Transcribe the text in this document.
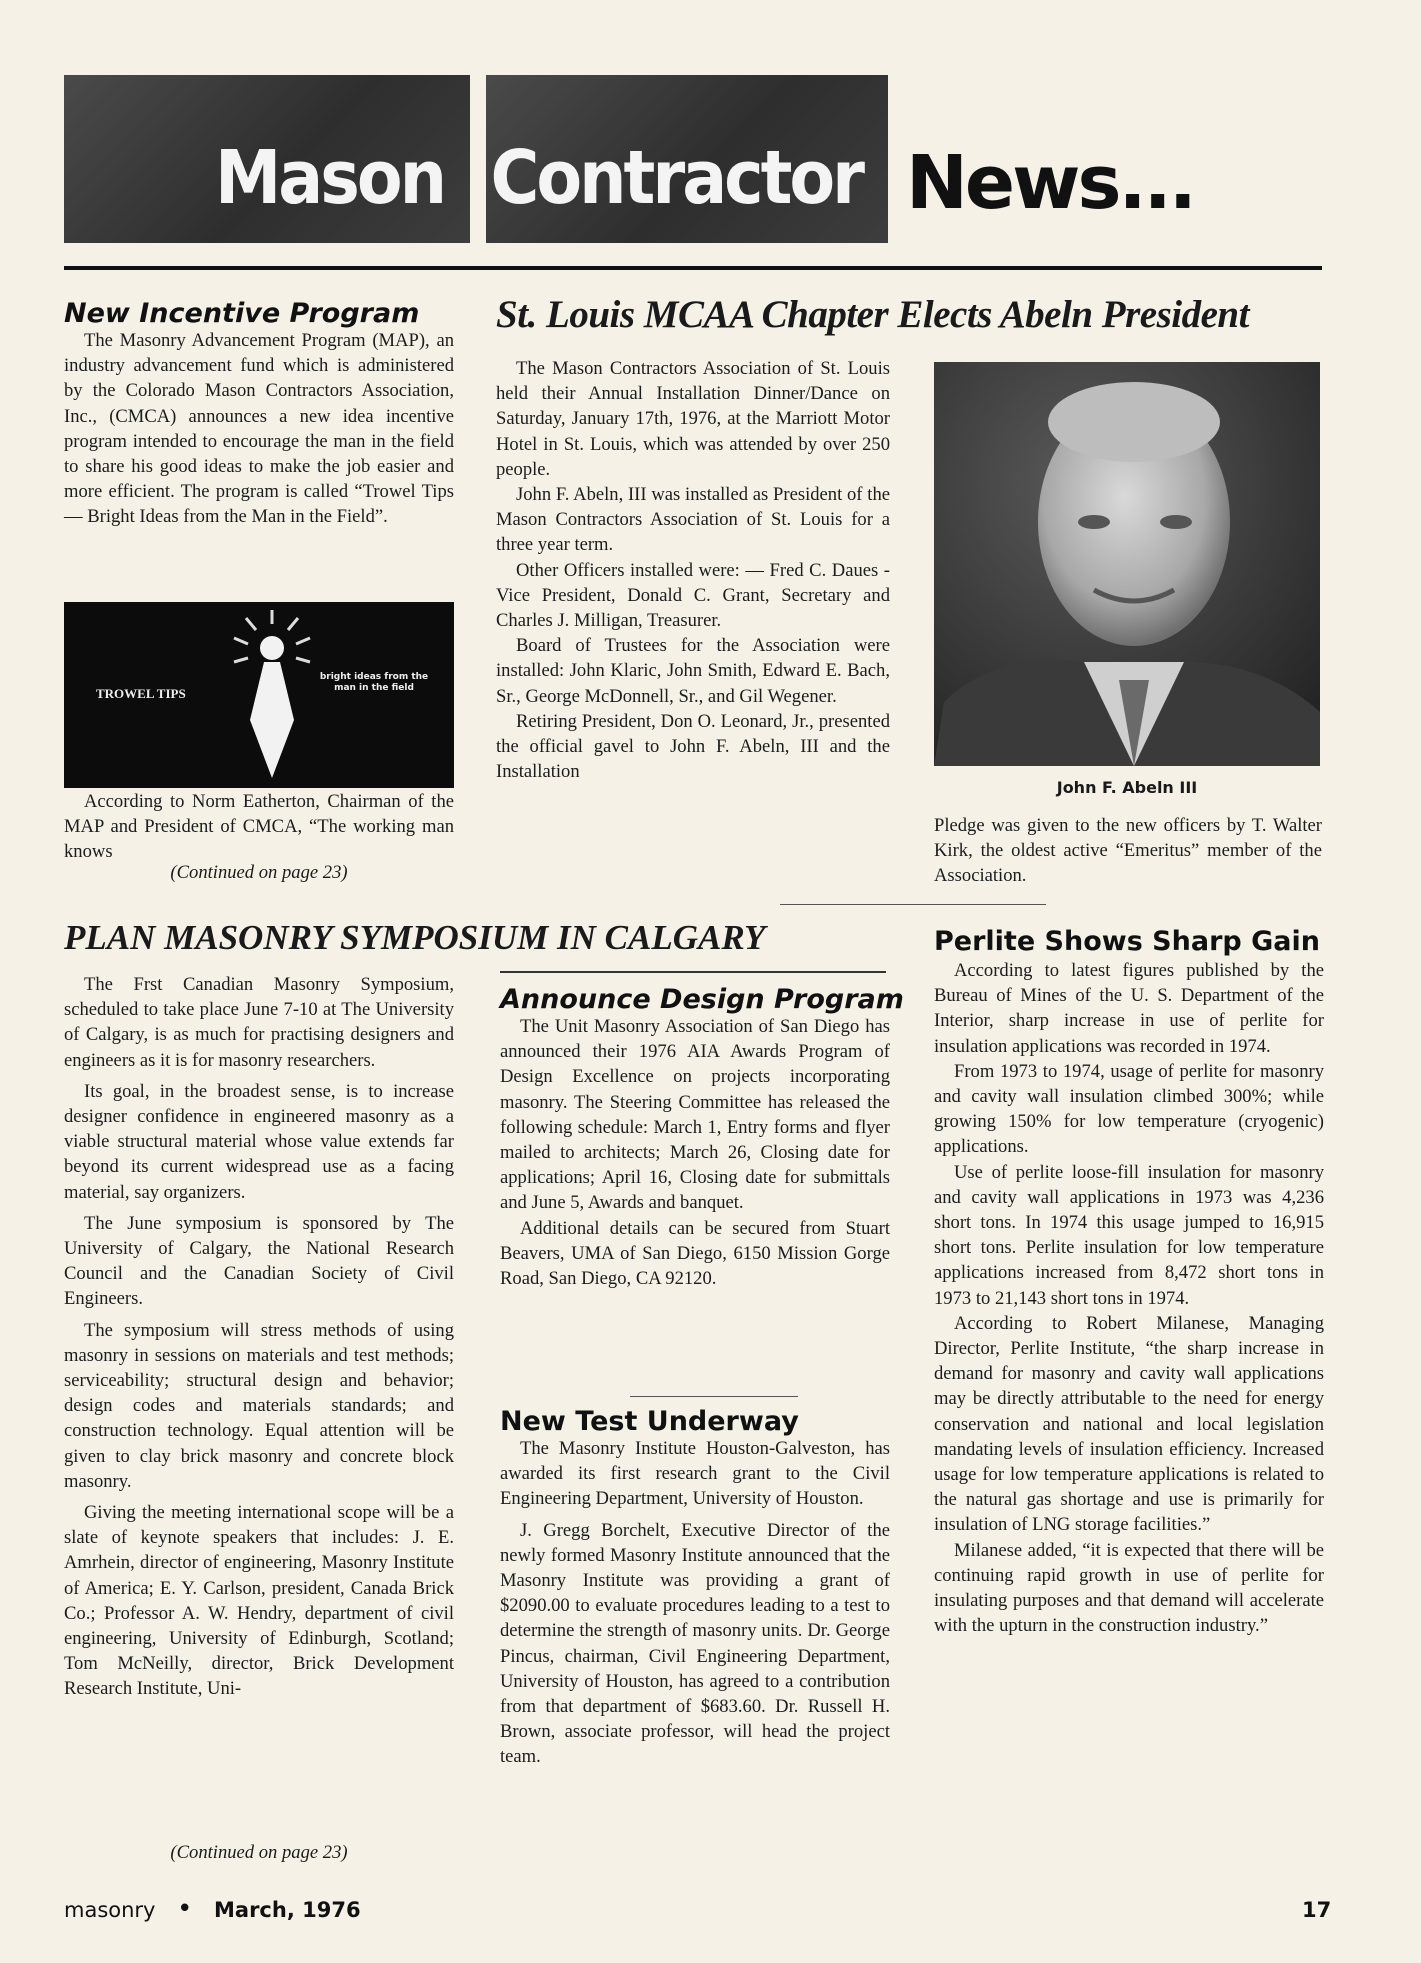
Mason Contractor News...
New Incentive Program

The Masonry Advancement Program (MAP), an industry advancement fund which is administered by the Colorado Mason Contractors Association, Inc., (CMCA) announces a new idea incentive program intended to encourage the man in the field to share his good ideas to make the job easier and more efficient. The program is called “Trowel Tips — Bright Ideas from the Man in the Field”.

TROWEL TIPS
bright ideas from the man in the field

According to Norm Eatherton, Chairman of the MAP and President of CMCA, “The working man knows

(Continued on page 23)
St. Louis MCAA Chapter Elects Abeln President

The Mason Contractors Association of St. Louis held their Annual Installation Dinner/Dance on Saturday, January 17th, 1976, at the Marriott Motor Hotel in St. Louis, which was attended by over 250 people.

John F. Abeln, III was installed as President of the Mason Contractors Association of St. Louis for a three year term.

Other Officers installed were: — Fred C. Daues - Vice President, Donald C. Grant, Secretary and Charles J. Milligan, Treasurer.

Board of Trustees for the Association were installed: John Klaric, John Smith, Edward E. Bach, Sr., George McDonnell, Sr., and Gil Wegener.

Retiring President, Don O. Leonard, Jr., presented the official gavel to John F. Abeln, III and the Installation

John F. Abeln III

Pledge was given to the new officers by T. Walter Kirk, the oldest active “Emeritus” member of the Association.

PLAN MASONRY SYMPOSIUM IN CALGARY

The Frst Canadian Masonry Symposium, scheduled to take place June 7-10 at The University of Calgary, is as much for practising designers and engineers as it is for masonry researchers.

Its goal, in the broadest sense, is to increase designer confidence in engineered masonry as a viable structural material whose value extends far beyond its current widespread use as a facing material, say organizers.

The June symposium is sponsored by The University of Calgary, the National Research Council and the Canadian Society of Civil Engineers.

The symposium will stress methods of using masonry in sessions on materials and test methods; serviceability; structural design and behavior; design codes and materials standards; and construction technology. Equal attention will be given to clay brick masonry and concrete block masonry.

Giving the meeting international scope will be a slate of keynote speakers that includes: J. E. Amrhein, director of engineering, Masonry Institute of America; E. Y. Carlson, president, Canada Brick Co.; Professor A. W. Hendry, department of civil engineering, University of Edinburgh, Scotland; Tom McNeilly, director, Brick Development Research Institute, Uni-

(Continued on page 23)
Announce Design Program

The Unit Masonry Association of San Diego has announced their 1976 AIA Awards Program of Design Excellence on projects incorporating masonry. The Steering Committee has released the following schedule: March 1, Entry forms and flyer mailed to architects; March 26, Closing date for applications; April 16, Closing date for submittals and June 5, Awards and banquet.

Additional details can be secured from Stuart Beavers, UMA of San Diego, 6150 Mission Gorge Road, San Diego, CA 92120.

New Test Underway

The Masonry Institute Houston-Galveston, has awarded its first research grant to the Civil Engineering Department, University of Houston.

J. Gregg Borchelt, Executive Director of the newly formed Masonry Institute announced that the Masonry Institute was providing a grant of $2090.00 to evaluate procedures leading to a test to determine the strength of masonry units. Dr. George Pincus, chairman, Civil Engineering Department, University of Houston, has agreed to a contribution from that department of $683.60. Dr. Russell H. Brown, associate professor, will head the project team.

Perlite Shows Sharp Gain

According to latest figures published by the Bureau of Mines of the U. S. Department of the Interior, sharp increase in use of perlite for insulation applications was recorded in 1974.

From 1973 to 1974, usage of perlite for masonry and cavity wall insulation climbed 300%; while growing 150% for low temperature (cryogenic) applications.

Use of perlite loose-fill insulation for masonry and cavity wall applications in 1973 was 4,236 short tons. In 1974 this usage jumped to 16,915 short tons. Perlite insulation for low temperature applications increased from 8,472 short tons in 1973 to 21,143 short tons in 1974.

According to Robert Milanese, Managing Director, Perlite Institute, “the sharp increase in demand for masonry and cavity wall applications may be directly attributable to the need for energy conservation and national and local legislation mandating levels of insulation efficiency. Increased usage for low temperature applications is related to the natural gas shortage and use is primarily for insulation of LNG storage facilities.”

Milanese added, “it is expected that there will be continuing rapid growth in use of perlite for insulating purposes and that demand will accelerate with the upturn in the construction industry.”

masonry • March, 1976	17
